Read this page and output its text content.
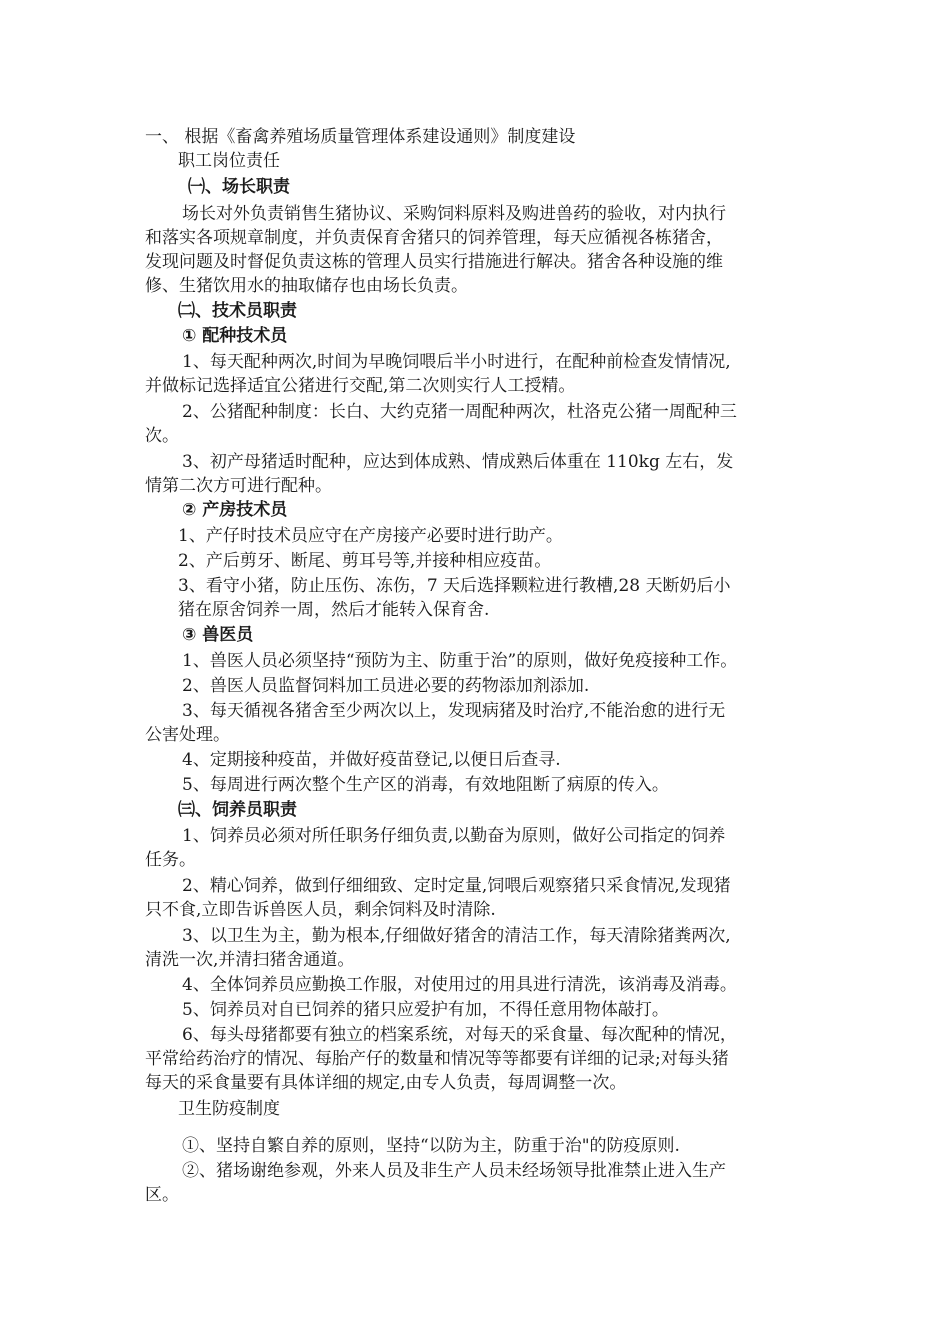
一、 根据《畜禽养殖场质量管理体系建设通则》制度建设
职工岗位责任
㈠、场长职责
场长对外负责销售生猪协议、采购饲料原料及购进兽药的验收，对内执行
和落实各项规章制度，并负责保育舍猪只的饲养管理，每天应循视各栋猪舍，
发现问题及时督促负责这栋的管理人员实行措施进行解决。猪舍各种设施的维
修、生猪饮用水的抽取储存也由场长负责。
㈡、技术员职责
① 配种技术员
1、每天配种两次,时间为早晚饲喂后半小时进行，在配种前检查发情情况,
并做标记选择适宜公猪进行交配,第二次则实行人工授精。
2、公猪配种制度：长白、大约克猪一周配种两次，杜洛克公猪一周配种三
次。
3、初产母猪适时配种，应达到体成熟、情成熟后体重在 110kg 左右，发
情第二次方可进行配种。
② 产房技术员
1、产仔时技术员应守在产房接产必要时进行助产。
2、产后剪牙、断尾、剪耳号等,并接种相应疫苗。
3、看守小猪，防止压伤、冻伤，7 天后选择颗粒进行教槽,28 天断奶后小
猪在原舍饲养一周，然后才能转入保育舍.
③ 兽医员
1、兽医人员必须坚持“预防为主、防重于治”的原则，做好免疫接种工作。
2、兽医人员监督饲料加工员进必要的药物添加剂添加.
3、每天循视各猪舍至少两次以上，发现病猪及时治疗,不能治愈的进行无
公害处理。
4、定期接种疫苗，并做好疫苗登记,以便日后查寻.
5、每周进行两次整个生产区的消毒，有效地阻断了病原的传入。
㈢、饲养员职责
1、饲养员必须对所任职务仔细负责,以勤奋为原则，做好公司指定的饲养
任务。
2、精心饲养，做到仔细细致、定时定量,饲喂后观察猪只采食情况,发现猪
只不食,立即告诉兽医人员，剩余饲料及时清除.
3、以卫生为主，勤为根本,仔细做好猪舍的清洁工作，每天清除猪粪两次,
清洗一次,并清扫猪舍通道。
4、全体饲养员应勤换工作服，对使用过的用具进行清洗，该消毒及消毒。
5、饲养员对自已饲养的猪只应爱护有加，不得任意用物体敲打。
6、每头母猪都要有独立的档案系统，对每天的采食量、每次配种的情况，
平常给药治疗的情况、每胎产仔的数量和情况等等都要有详细的记录;对每头猪
每天的采食量要有具体详细的规定,由专人负责，每周调整一次。
卫生防疫制度
①、坚持自繁自养的原则，坚持“以防为主，防重于治"的防疫原则.
②、猪场谢绝参观，外来人员及非生产人员未经场领导批准禁止进入生产
区。
